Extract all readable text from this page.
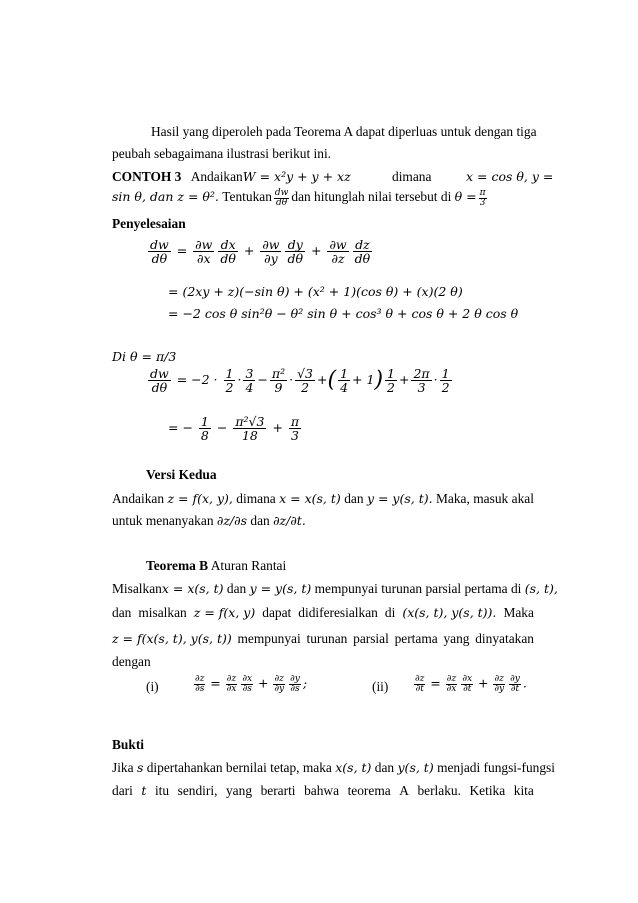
Hasil yang diperoleh pada Teorema A dapat diperluas untuk dengan tiga
peubah sebagaimana ilustrasi berikut ini.
CONTOH 3 AndaikanW = x²y + y + xz	dimana	x = cos θ, y =
sin θ, dan z = θ². Tentukan $\frac{dw}{d\theta}$ dan hitunglah nilai tersebut di $\theta = \frac{\pi}{3}$
Penyelesaian
$\frac{dw}{d\theta} = \frac{\partial w}{\partial x} \frac{dx}{d\theta} + \frac{\partial w}{\partial y} \frac{dy}{d\theta} + \frac{\partial w}{\partial z} \frac{dz}{d\theta}$
= (2xy + z)(−sin θ) + (x² + 1)(cos θ) + (x)(2 θ)
= −2 cos θ sin²θ − θ² sin θ + cos³ θ + cos θ + 2 θ cos θ
Di θ = π/3
$\frac{dw}{d\theta} = -2 \cdot \frac{1}{2} \cdot \frac{3}{4} - \frac{\text{π²}}{9} \cdot \frac{√3}{2}$ +( $\frac{1}{4} + 1) \frac{1}{2} + \frac{2\pi}{3} \cdot \frac{1}{2}$
= − $\frac{1}{8} - \frac{\text{π²√3}}{18} + \frac{\pi}{3}$
Versi Kedua
Andaikan z = f(x, y), dimana x = x(s, t) dan y = y(s, t). Maka, masuk akal
untuk menanyakan ∂z/∂s dan ∂z/∂t.
Teorema B Aturan Rantai
Misalkanx = x(s, t) dan y = y(s, t) mempunyai turunan parsial pertama di (s, t),
dan misalkan z = f(x, y) dapat didiferesialkan di (x(s, t), y(s, t)). Maka
z = f(x(s, t), y(s, t)) mempunyai turunan parsial pertama yang dinyatakan
dengan
(i)	$\frac{\partial z}{\partial s} = \frac{\partial z}{\partial x} \frac{\partial x}{\partial s} + \frac{\partial z}{\partial y} \frac{\partial y}{\partial s}$ ;	(ii)	$\frac{\partial z}{\partial t} = \frac{\partial z}{\partial x} \frac{\partial x}{\partial t} + \frac{\partial z}{\partial y} \frac{\partial y}{\partial t}$ .
Bukti
Jika s dipertahankan bernilai tetap, maka x(s, t) dan y(s, t) menjadi fungsi-fungsi
dari t itu sendiri, yang berarti bahwa teorema A berlaku. Ketika kita
